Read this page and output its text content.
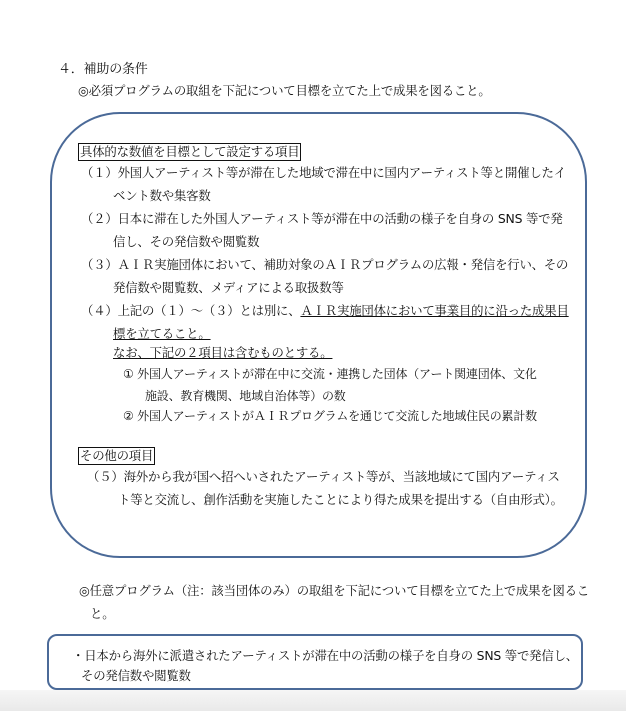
４．補助の条件
◎必須プログラムの取組を下記について目標を立てた上で成果を図ること。
具体的な数値を目標として設定する項目
（１）外国人アーティスト等が滞在した地域で滞在中に国内アーティスト等と開催したイ
ベント数や集客数
（２）日本に滞在した外国人アーティスト等が滞在中の活動の様子を自身の SNS 等で発
信し、その発信数や閲覧数
（３）ＡＩＲ実施団体において、補助対象のＡＩＲプログラムの広報・発信を行い、その
発信数や閲覧数、メディアによる取扱数等
（４）上記の（１）～（３）とは別に、ＡＩＲ実施団体において事業目的に沿った成果目
標を立てること。
なお、下記の２項目は含むものとする。
① 外国人アーティストが滞在中に交流・連携した団体（アート関連団体、文化
施設、教育機関、地域自治体等）の数
② 外国人アーティストがＡＩＲプログラムを通じて交流した地域住民の累計数
その他の項目
（５）海外から我が国へ招へいされたアーティスト等が、当該地域にて国内アーティス
ト等と交流し、創作活動を実施したことにより得た成果を提出する（自由形式）。
◎任意プログラム（注：該当団体のみ）の取組を下記について目標を立てた上で成果を図るこ
と。
・日本から海外に派遣されたアーティストが滞在中の活動の様子を自身の SNS 等で発信し、
その発信数や閲覧数
